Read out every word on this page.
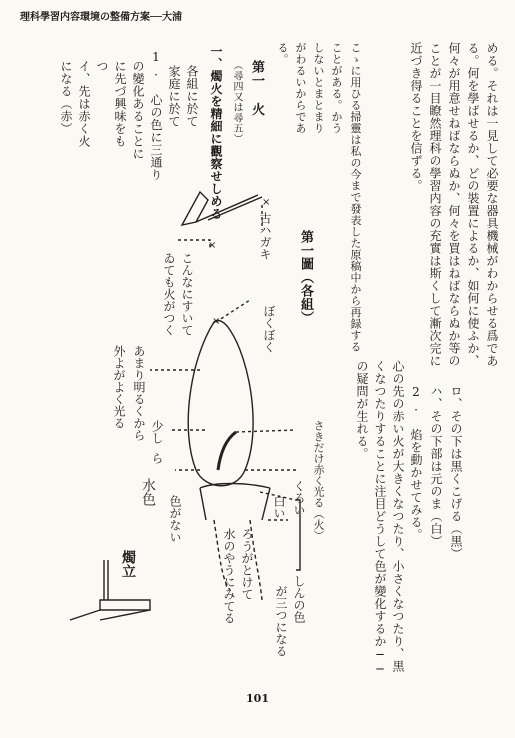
理科學習内容環境の整備方案──大浦
める。それは一見して必要な器具機械がわからせる爲であ
る。何を學ばせるか、どの裝置によるか、如何に使ふか、
何々が用意せねばならぬか、何々を買はねばならぬか等の
ことが一目瞭然理科の學習内容の充實は斯くして漸次完に
近づき得ることを信ずる。
こゝに用ひる掃靈は私の今まで發表した原稿中から再録する
ことがある。かう
しないとまとまり
がわるいからであ
る。
第一 火
（尋四又は尋五）
一、燭火を精細に觀察せしめる
各組に於て
家庭に於て
1. 心の色に三通り
の變化あることに
に先づ興味をも
つ
イ、先は赤く火
になる（赤）
ロ、その下は黒くこげる（黒）
ハ、その下部は元のま（白）
2. 焰を動かせてみる。
心の先の赤い火が大きくなつたり、小さくなつたり、黒
くなつたりすることに注目どうして色が變化するか──
の疑問が生れる。
第一圖（各組）
×
×
×	古ハガキ
こんなにすいて
ゐても火がつく	ぼくぼく
あまり明るくから
外よがよく光る
少し
ら
水色
色がない	さきだけ赤く光る（火）
くろい
白い
ろうがとけて
水のやうにみてる	しんの色
が三つになる
燭立
101
